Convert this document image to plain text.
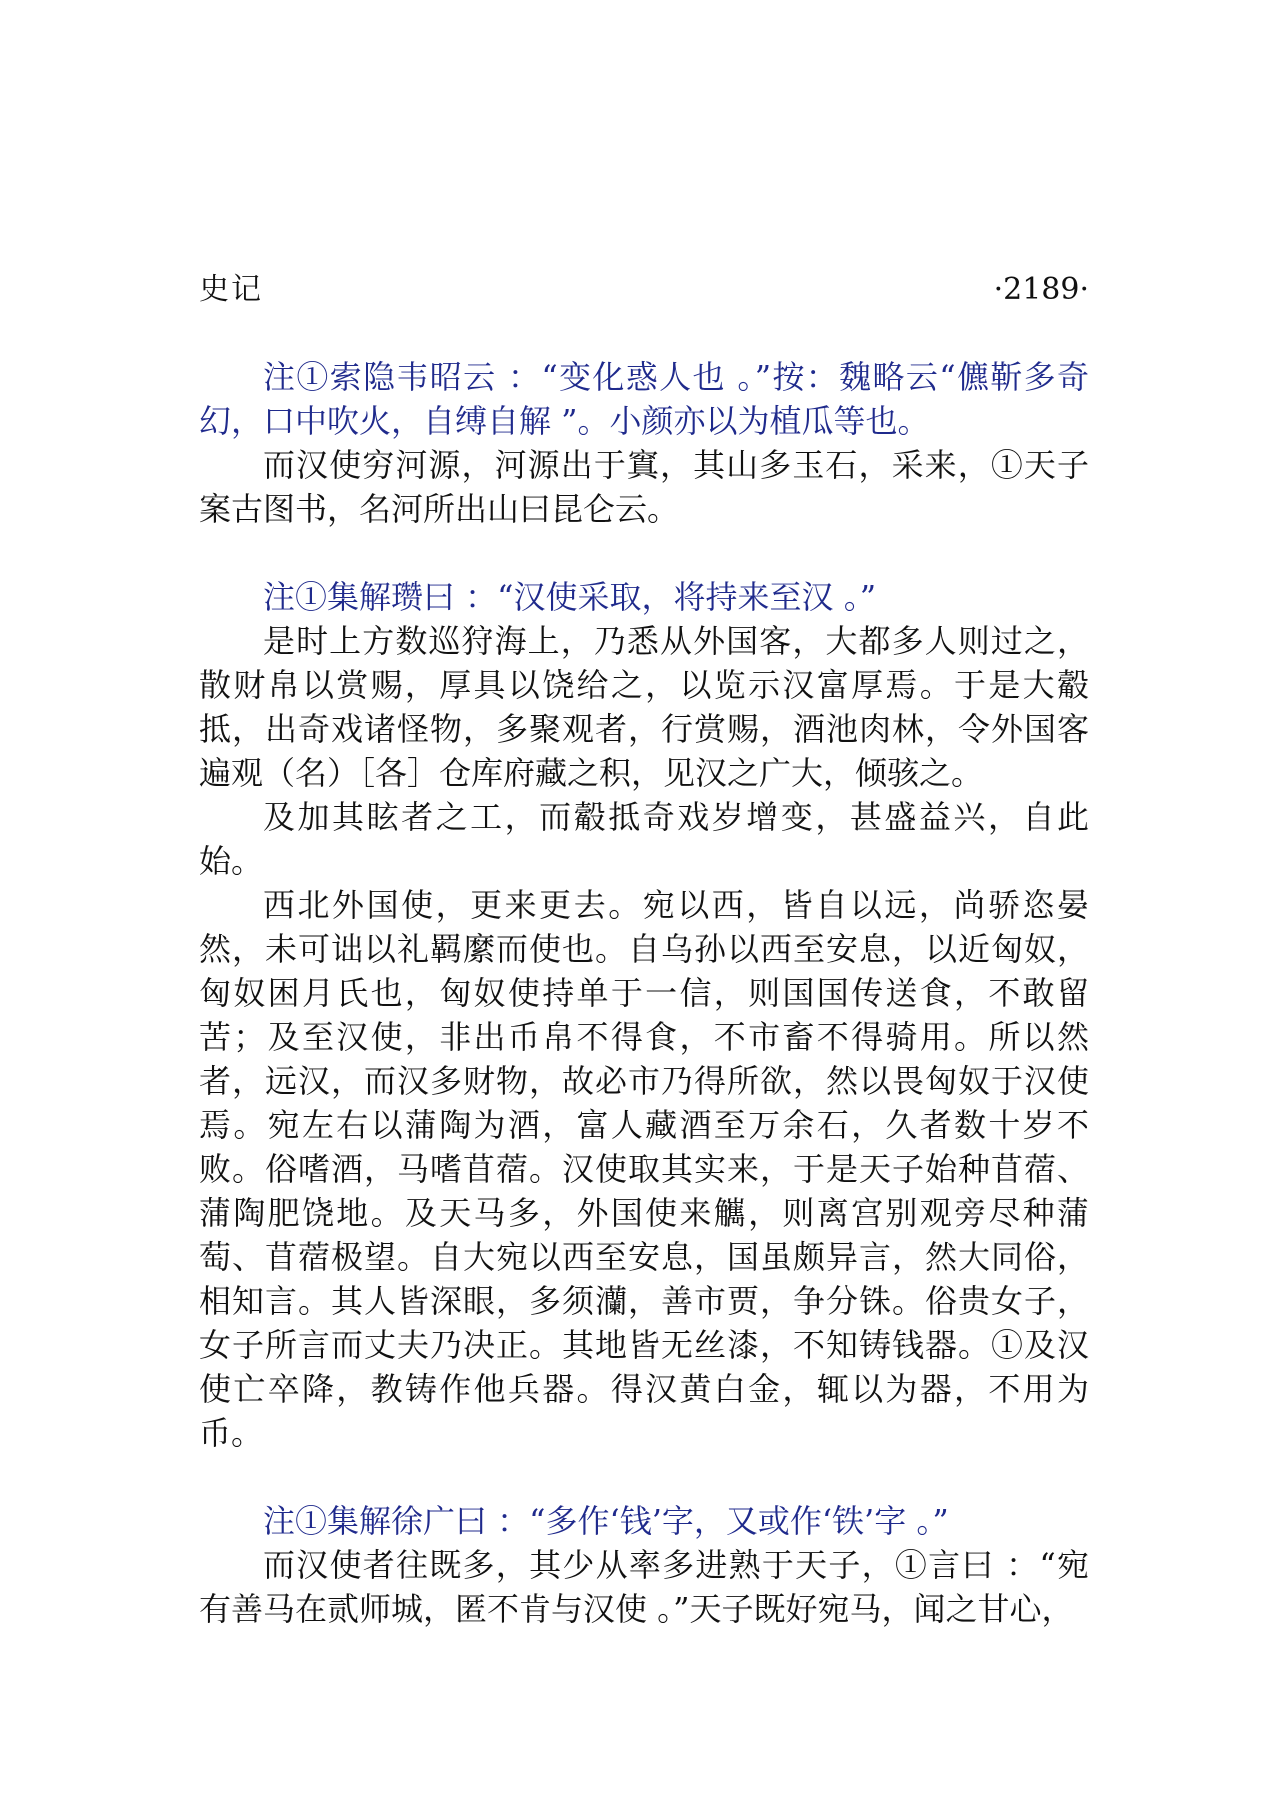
史记	·2189·

注①索隐韦昭云 ：“变化惑人也 。”按：魏略云“儦靳多奇幻，口中吹火，自缚自解 ”。小颜亦以为植瓜等也。

而汉使穷河源，河源出于窴，其山多玉石，采来，①天子案古图书，名河所出山曰昆仑云。

注①集解瓒曰 ：“汉使采取，将持来至汉 。”

是时上方数巡狩海上，乃悉从外国客，大都多人则过之，散财帛以赏赐，厚具以饶给之，以览示汉富厚焉。于是大觳抵，出奇戏诸怪物，多聚观者，行赏赐，酒池肉林，令外国客遍观（名）［各］仓库府藏之积，见汉之广大，倾骇之。

及加其眩者之工，而觳抵奇戏岁增变，甚盛益兴，自此始。

西北外国使，更来更去。宛以西，皆自以远，尚骄恣晏然，未可诎以礼羁縻而使也。自乌孙以西至安息，以近匈奴，匈奴困月氏也，匈奴使持单于一信，则国国传送食，不敢留苦；及至汉使，非出币帛不得食，不市畜不得骑用。所以然者，远汉，而汉多财物，故必市乃得所欲，然以畏匈奴于汉使焉。宛左右以蒲陶为酒，富人藏酒至万余石，久者数十岁不败。俗嗜酒，马嗜苜蓿。汉使取其实来，于是天子始种苜蓿、蒲陶肥饶地。及天马多，外国使来觽，则离宫别观旁尽种蒲萄、苜蓿极望。自大宛以西至安息，国虽颇异言，然大同俗，相知言。其人皆深眼，多须灡，善市贾，争分铢。俗贵女子，女子所言而丈夫乃决正。其地皆无丝漆，不知铸钱器。①及汉使亡卒降，教铸作他兵器。得汉黄白金，辄以为器，不用为币。

注①集解徐广曰 ：“多作‘钱’字，又或作‘铁’字 。”

而汉使者往既多，其少从率多进熟于天子，①言曰 ：“宛有善马在贰师城，匿不肯与汉使 。”天子既好宛马，闻之甘心，
